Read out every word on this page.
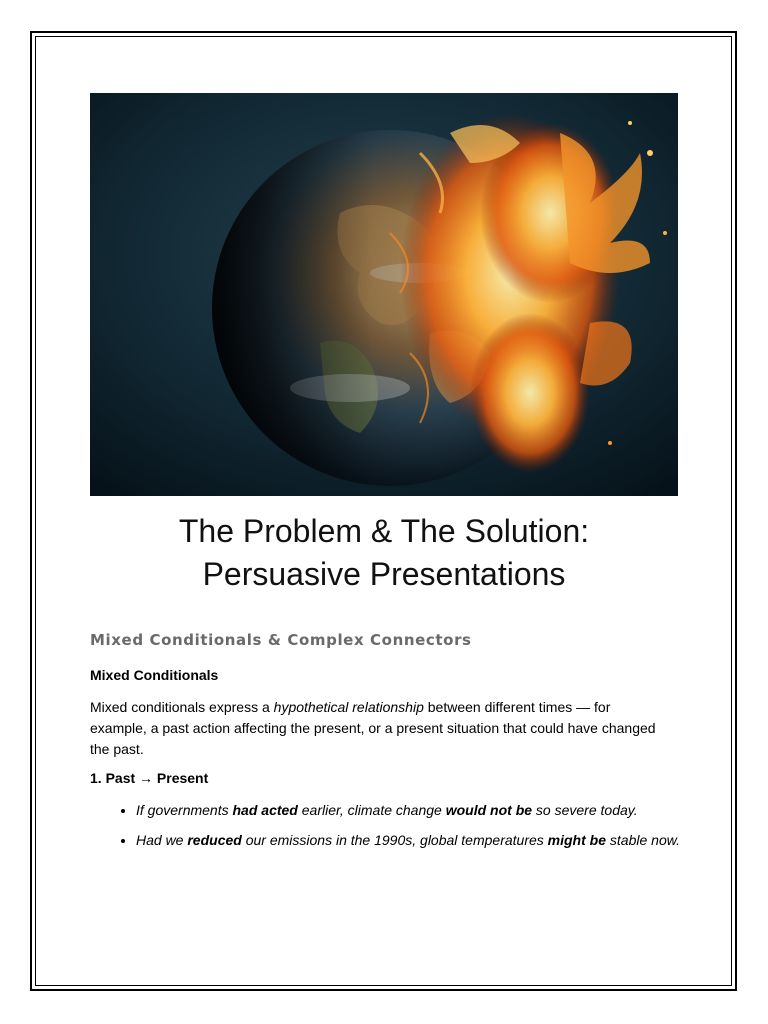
The Problem & The Solution:
Persuasive Presentations
Mixed Conditionals & Complex Connectors
Mixed Conditionals

Mixed conditionals express a hypothetical relationship between different times — for example, a past action affecting the present, or a present situation that could have changed the past.

1. Past → Present
• If governments had acted earlier, climate change would not be so severe today.
• Had we reduced our emissions in the 1990s, global temperatures might be stable now.
